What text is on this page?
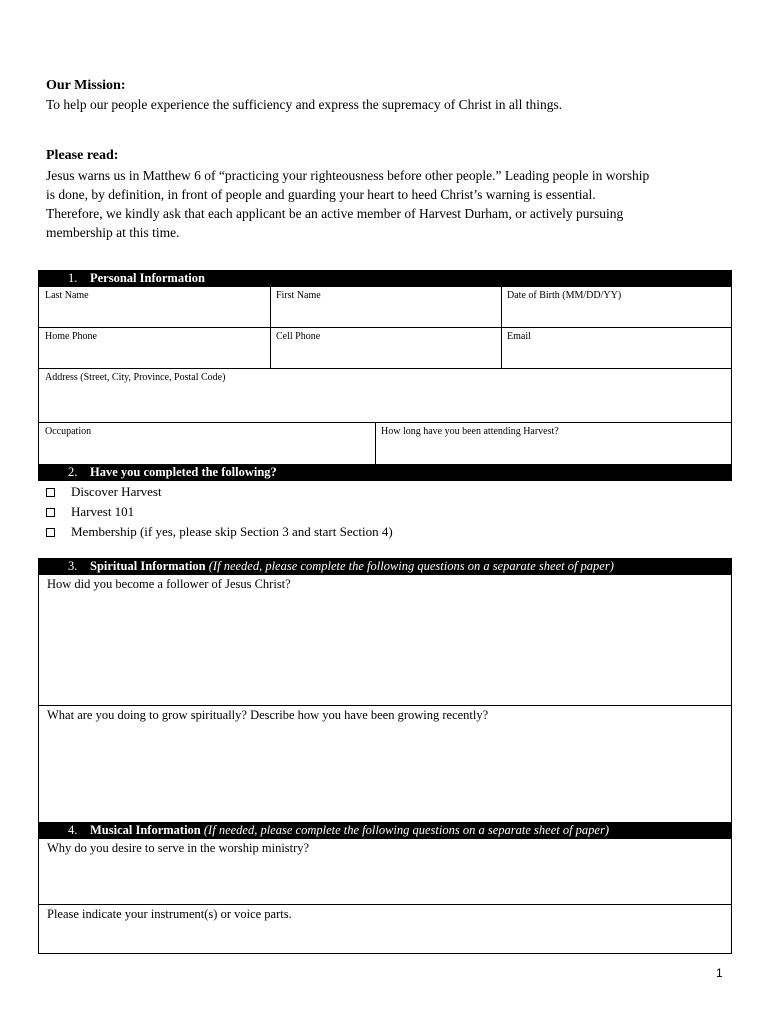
Our Mission:
To help our people experience the sufficiency and express the supremacy of Christ in all things.
Please read:
Jesus warns us in Matthew 6 of “practicing your righteousness before other people.” Leading people in worship
is done, by definition, in front of people and guarding your heart to heed Christ’s warning is essential.
Therefore, we kindly ask that each applicant be an active member of Harvest Durham, or actively pursuing
membership at this time.
1. Personal Information
Last Name	First Name	Date of Birth (MM/DD/YY)
Home Phone	Cell Phone	Email
Address (Street, City, Province, Postal Code)
Occupation	How long have you been attending Harvest?
2. Have you completed the following?
Discover Harvest
Harvest 101
Membership (if yes, please skip Section 3 and start Section 4)
3. Spiritual Information (If needed, please complete the following questions on a separate sheet of paper)
How did you become a follower of Jesus Christ?
What are you doing to grow spiritually? Describe how you have been growing recently?
4. Musical Information (If needed, please complete the following questions on a separate sheet of paper)
Why do you desire to serve in the worship ministry?
Please indicate your instrument(s) or voice parts.
1
